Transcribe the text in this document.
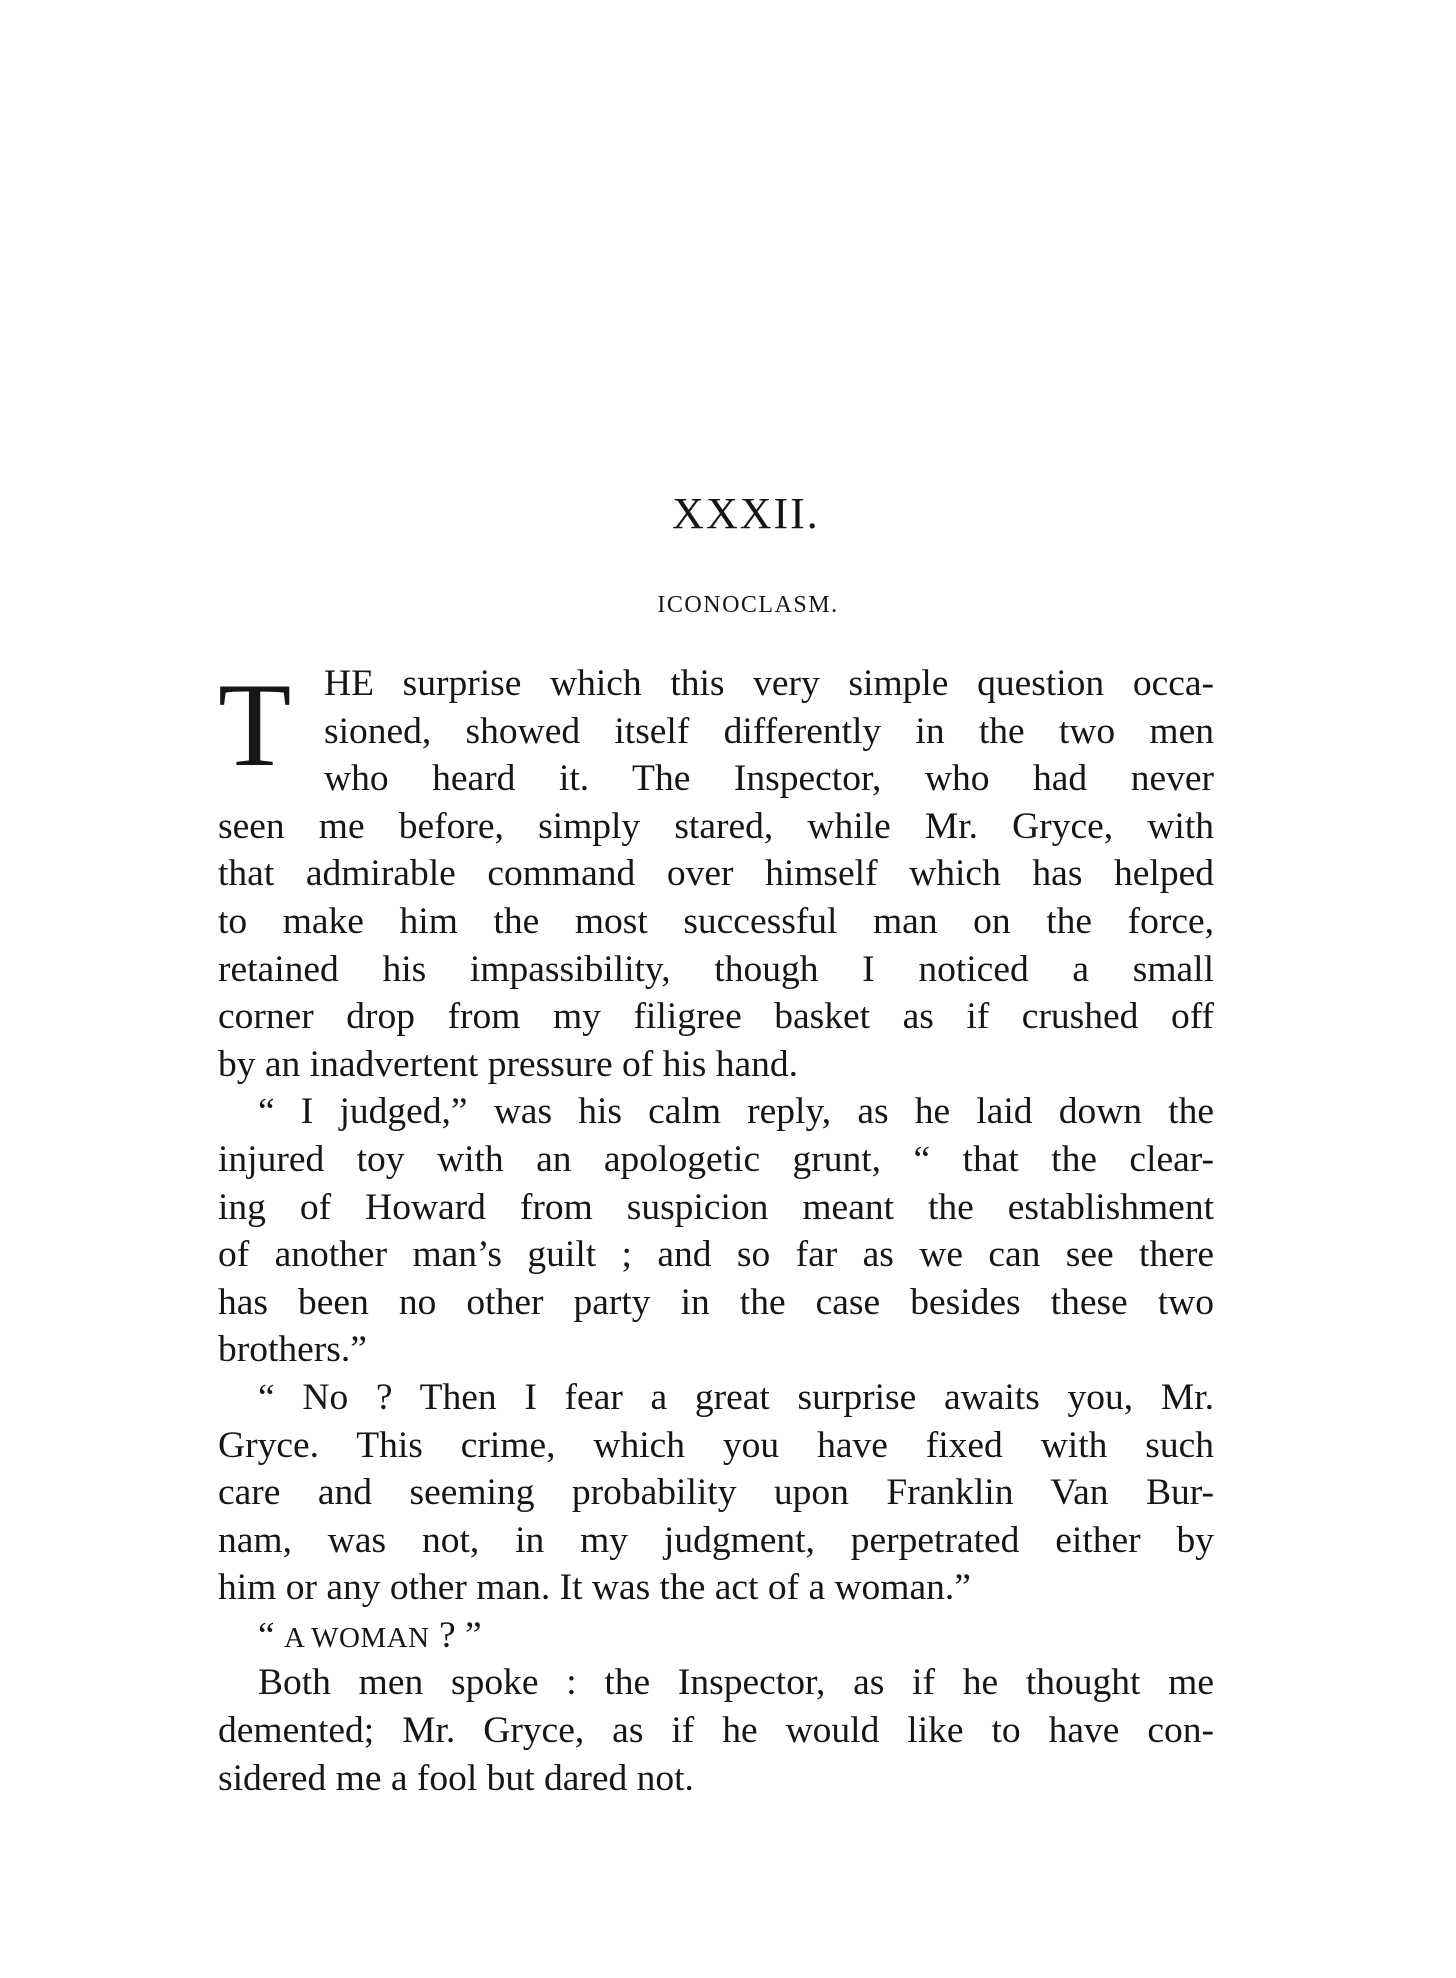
XXXII.
ICONOCLASM.
T HE surprise which this very simple question occa-
sioned, showed itself differently in the two men
who heard it. The Inspector, who had never
seen me before, simply stared, while Mr. Gryce, with
that admirable command over himself which has helped
to make him the most successful man on the force,
retained his impassibility, though I noticed a small
corner drop from my filigree basket as if crushed off
by an inadvertent pressure of his hand.
“ I judged,” was his calm reply, as he laid down the
injured toy with an apologetic grunt, “ that the clear-
ing of Howard from suspicion meant the establishment
of another man’s guilt ; and so far as we can see there
has been no other party in the case besides these two
brothers.”
“ No ? Then I fear a great surprise awaits you, Mr.
Gryce. This crime, which you have fixed with such
care and seeming probability upon Franklin Van Bur-
nam, was not, in my judgment, perpetrated either by
him or any other man. It was the act of a woman.”
“ A WOMAN ? ”
Both men spoke : the Inspector, as if he thought me
demented; Mr. Gryce, as if he would like to have con-
sidered me a fool but dared not.
